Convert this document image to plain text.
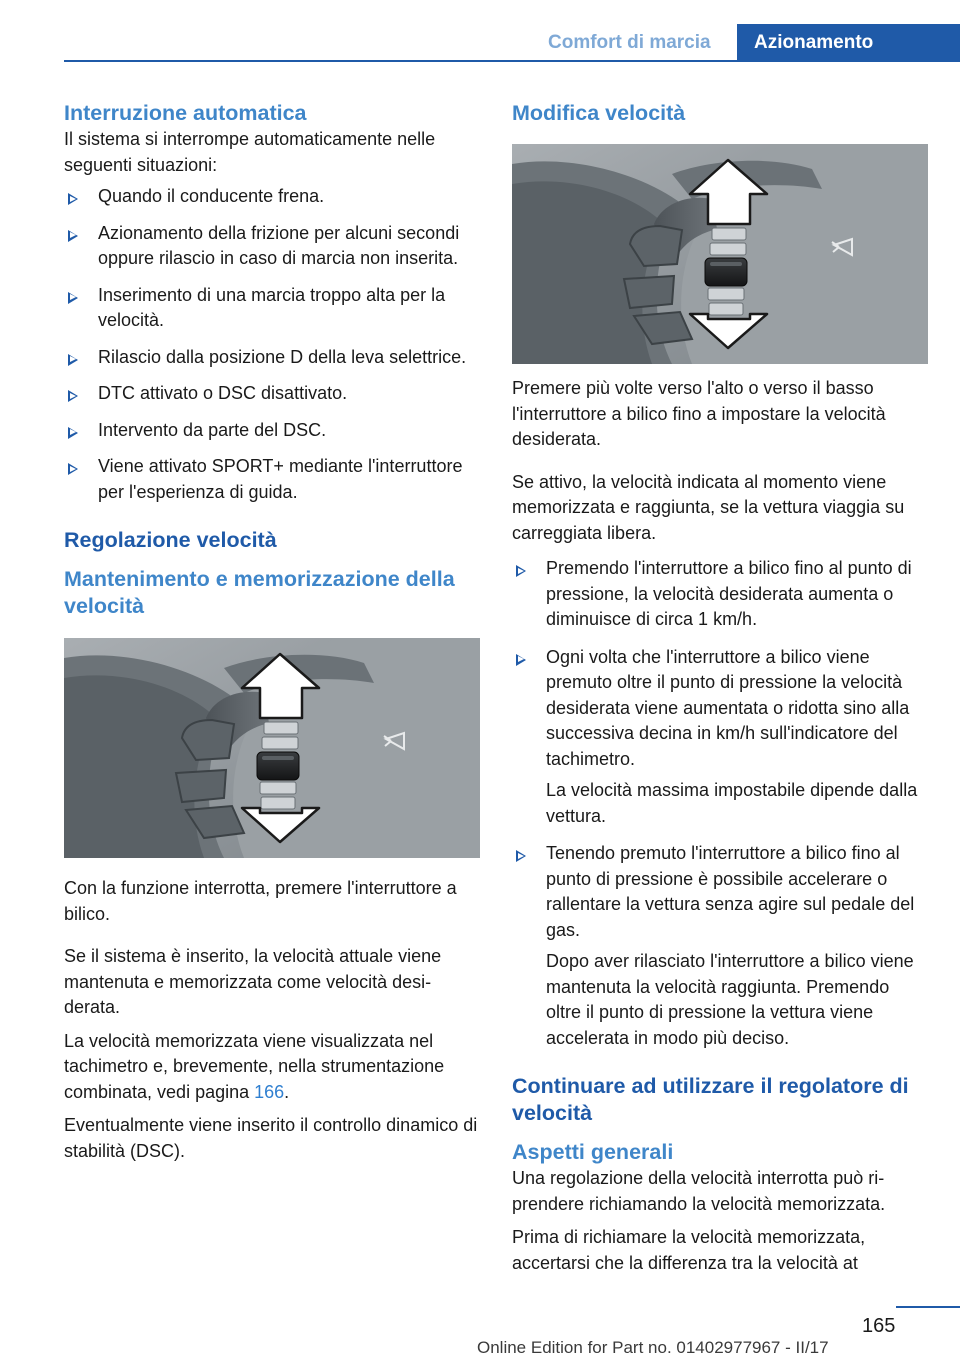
Comfort di marcia	Azionamento
Interruzione automatica

Il sistema si interrompe automaticamente nelle seguenti situazioni:

Quando il conducente frena.
Azionamento della frizione per alcuni secondi oppure rilascio in caso di marcia non inserita.
Inserimento di una marcia troppo alta per la velocità.
Rilascio dalla posizione D della leva selettrice.
DTC attivato o DSC disattivato.
Intervento da parte del DSC.
Viene attivato SPORT+ mediante l'interruttore per l'esperienza di guida.
Regolazione velocità
Mantenimento e memorizzazione della velocità

Con la funzione interrotta, premere l'interruttore a bilico.

Se il sistema è inserito, la velocità attuale viene mantenuta e memorizzata come velocità desiderata.

La velocità memorizzata viene visualizzata nel tachimetro e, brevemente, nella strumentazione combinata, vedi pagina 166.

Eventualmente viene inserito il controllo dinamico di stabilità (DSC).

Modifica velocità

Premere più volte verso l'alto o verso il basso l'interruttore a bilico fino a impostare la velocità desiderata.

Se attivo, la velocità indicata al momento viene memorizzata e raggiunta, se la vettura viaggia su carreggiata libera.

Premendo l'interruttore a bilico fino al punto di pressione, la velocità desiderata aumenta o diminuisce di circa 1 km/h.
Ogni volta che l'interruttore a bilico viene premuto oltre il punto di pressione la velocità desiderata viene aumentata o ridotta sino alla successiva decina in km/h sull'indicatore del tachimetro.
La velocità massima impostabile dipende dalla vettura.
Tenendo premuto l'interruttore a bilico fino al punto di pressione è possibile accelerare o rallentare la vettura senza agire sul pedale del gas.
Dopo aver rilasciato l'interruttore a bilico viene mantenuta la velocità raggiunta. Premendo oltre il punto di pressione la vettura viene accelerata in modo più deciso.
Continuare ad utilizzare il regolatore di velocità
Aspetti generali

Una regolazione della velocità interrotta può riprendere richiamando la velocità memorizzata.

Prima di richiamare la velocità memorizzata, accertarsi che la differenza tra la velocità at

165
Online Edition for Part no. 01402977967 - II/17
